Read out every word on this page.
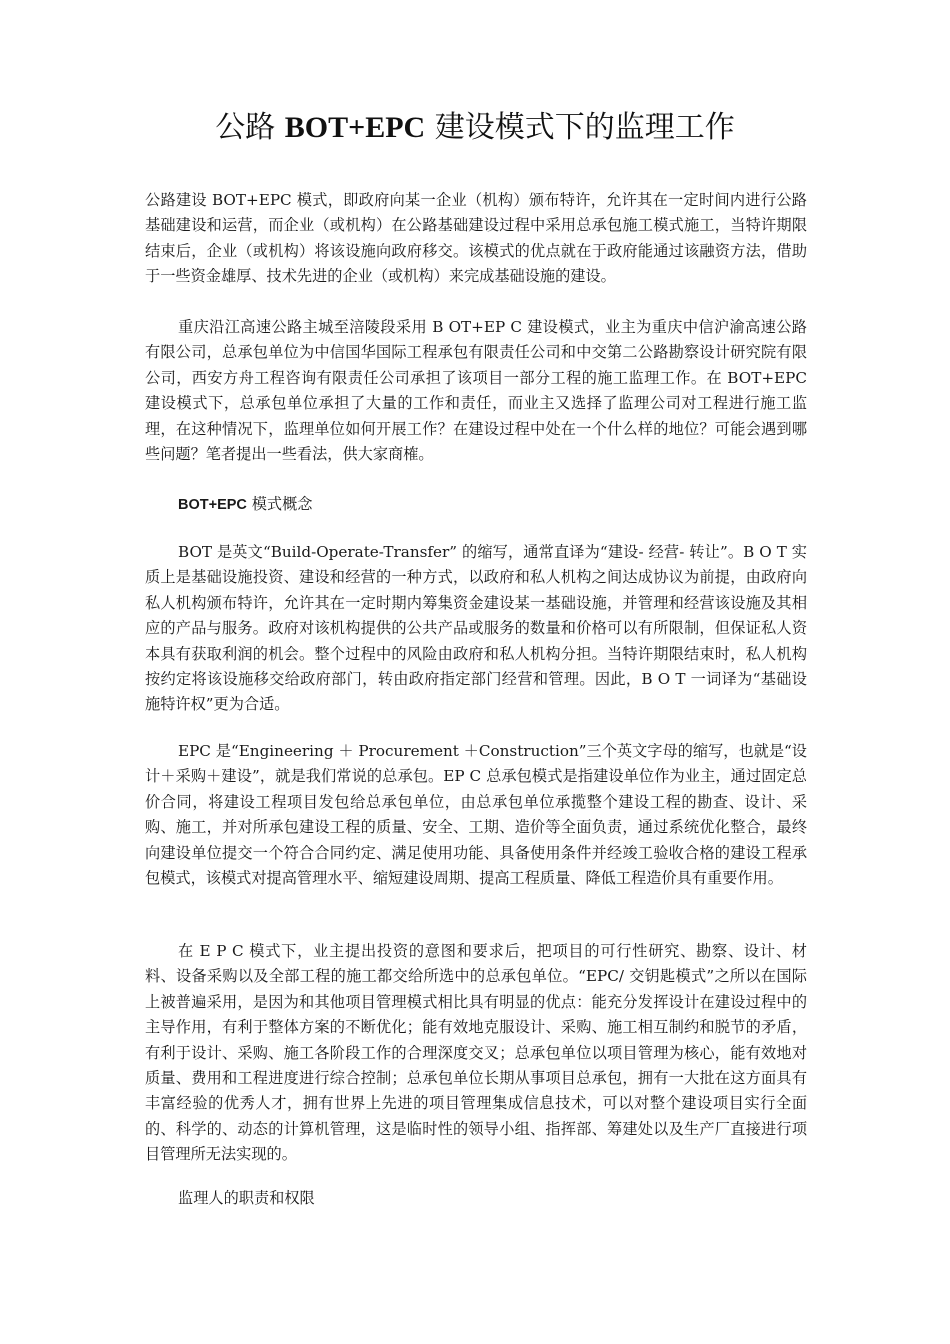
公路 BOT+EPC 建设模式下的监理工作

公路建设 BOT+EPC 模式，即政府向某一企业（机构）颁布特许，允许其在一定时间内进行公路基础建设和运营，而企业（或机构）在公路基础建设过程中采用总承包施工模式施工，当特许期限结束后，企业（或机构）将该设施向政府移交。该模式的优点就在于政府能通过该融资方法，借助于一些资金雄厚、技术先进的企业（或机构）来完成基础设施的建设。

重庆沿江高速公路主城至涪陵段采用 B OT+EP C 建设模式，业主为重庆中信沪渝高速公路有限公司，总承包单位为中信国华国际工程承包有限责任公司和中交第二公路勘察设计研究院有限公司，西安方舟工程咨询有限责任公司承担了该项目一部分工程的施工监理工作。在 BOT+EPC 建设模式下，总承包单位承担了大量的工作和责任，而业主又选择了监理公司对工程进行施工监理，在这种情况下，监理单位如何开展工作？在建设过程中处在一个什么样的地位？可能会遇到哪些问题？笔者提出一些看法，供大家商榷。

BOT+EPC 模式概念

BOT 是英文“Build-Operate-Transfer” 的缩写，通常直译为“建设- 经营- 转让”。B O T 实质上是基础设施投资、建设和经营的一种方式，以政府和私人机构之间达成协议为前提，由政府向私人机构颁布特许，允许其在一定时期内筹集资金建设某一基础设施，并管理和经营该设施及其相应的产品与服务。政府对该机构提供的公共产品或服务的数量和价格可以有所限制，但保证私人资本具有获取利润的机会。整个过程中的风险由政府和私人机构分担。当特许期限结束时，私人机构按约定将该设施移交给政府部门，转由政府指定部门经营和管理。因此，B O T 一词译为“基础设施特许权”更为合适。

EPC 是“Engineering ＋ Procurement ＋Construction”三个英文字母的缩写，也就是“设计＋采购＋建设”，就是我们常说的总承包。EP C 总承包模式是指建设单位作为业主，通过固定总价合同，将建设工程项目发包给总承包单位，由总承包单位承揽整个建设工程的勘查、设计、采购、施工，并对所承包建设工程的质量、安全、工期、造价等全面负责，通过系统优化整合，最终向建设单位提交一个符合合同约定、满足使用功能、具备使用条件并经竣工验收合格的建设工程承包模式，该模式对提高管理水平、缩短建设周期、提高工程质量、降低工程造价具有重要作用。

在 E P C 模式下，业主提出投资的意图和要求后，把项目的可行性研究、勘察、设计、材料、设备采购以及全部工程的施工都交给所选中的总承包单位。“EPC/ 交钥匙模式”之所以在国际上被普遍采用，是因为和其他项目管理模式相比具有明显的优点：能充分发挥设计在建设过程中的主导作用，有利于整体方案的不断优化；能有效地克服设计、采购、施工相互制约和脱节的矛盾，有利于设计、采购、施工各阶段工作的合理深度交叉；总承包单位以项目管理为核心，能有效地对质量、费用和工程进度进行综合控制；总承包单位长期从事项目总承包，拥有一大批在这方面具有丰富经验的优秀人才，拥有世界上先进的项目管理集成信息技术，可以对整个建设项目实行全面的、科学的、动态的计算机管理，这是临时性的领导小组、指挥部、筹建处以及生产厂直接进行项目管理所无法实现的。

监理人的职责和权限
